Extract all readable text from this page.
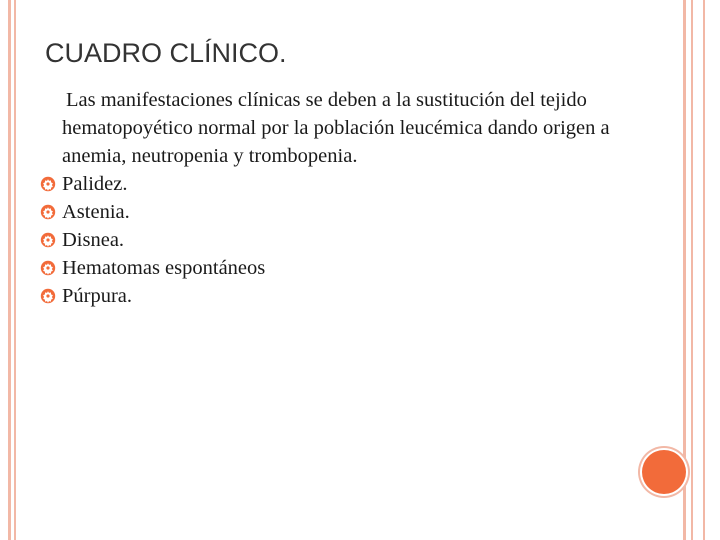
CUADRO CLÍNICO.

Las manifestaciones clínicas se deben a la sustitución del tejido hematopoyético normal por la población leucémica dando origen a anemia, neutropenia y trombopenia.

Palidez.
Astenia.
Disnea.
Hematomas espontáneos
Púrpura.
